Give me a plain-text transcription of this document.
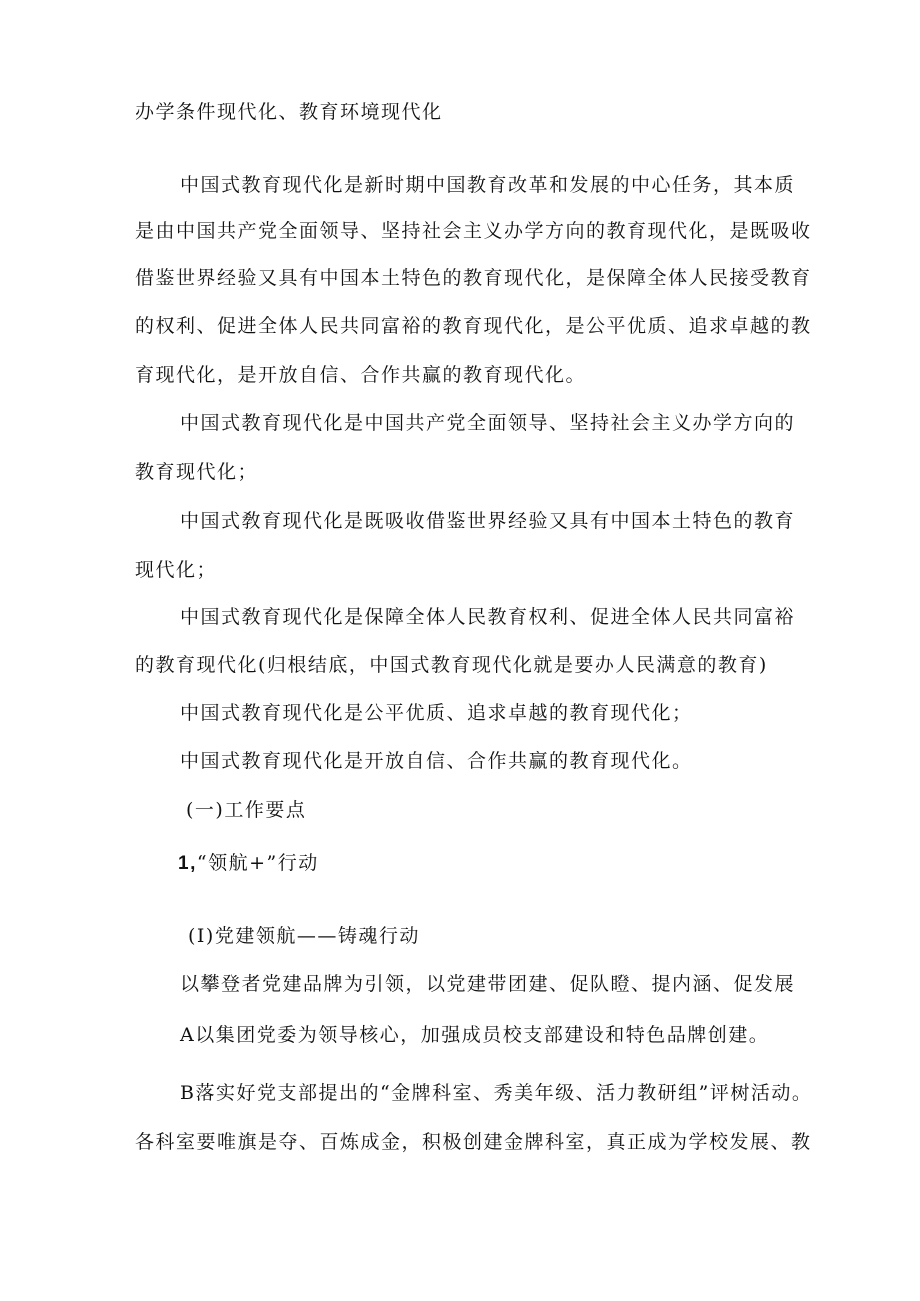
办学条件现代化、教育环境现代化
中国式教育现代化是新时期中国教育改革和发展的中心任务，其本质
是由中国共产党全面领导、坚持社会主义办学方向的教育现代化，是既吸收
借鉴世界经验又具有中国本土特色的教育现代化，是保障全体人民接受教育
的权利、促进全体人民共同富裕的教育现代化，是公平优质、追求卓越的教
育现代化，是开放自信、合作共赢的教育现代化。
中国式教育现代化是中国共产党全面领导、坚持社会主义办学方向的
教育现代化；
中国式敎育现代化是既吸收借鉴世界经验又具有中国本土特色的教育
现代化；
中国式敎育现代化是保障全体人民教育权利、促进全体人民共同富裕
的教育现代化(归根结底，中国式教育现代化就是要办人民满意的教育)
中国式教育现代化是公平优质、追求卓越的教育现代化；
中国式教育现代化是开放自信、合作共赢的教育现代化。
(一)工作要点
1,“领航+”行动
(I)党建领航——铸魂行动
以攀登者党建品牌为引领，以党建带团建、促队瞪、提内涵、促发展
A以集团党委为领导核心，加强成员校支部建设和特色品牌创建。
B落实好党支部提出的“金牌科室、秀美年级、活力教研组”评树活动。
各科室要唯旗是夺、百炼成金，积极创建金牌科室，真正成为学校发展、教
